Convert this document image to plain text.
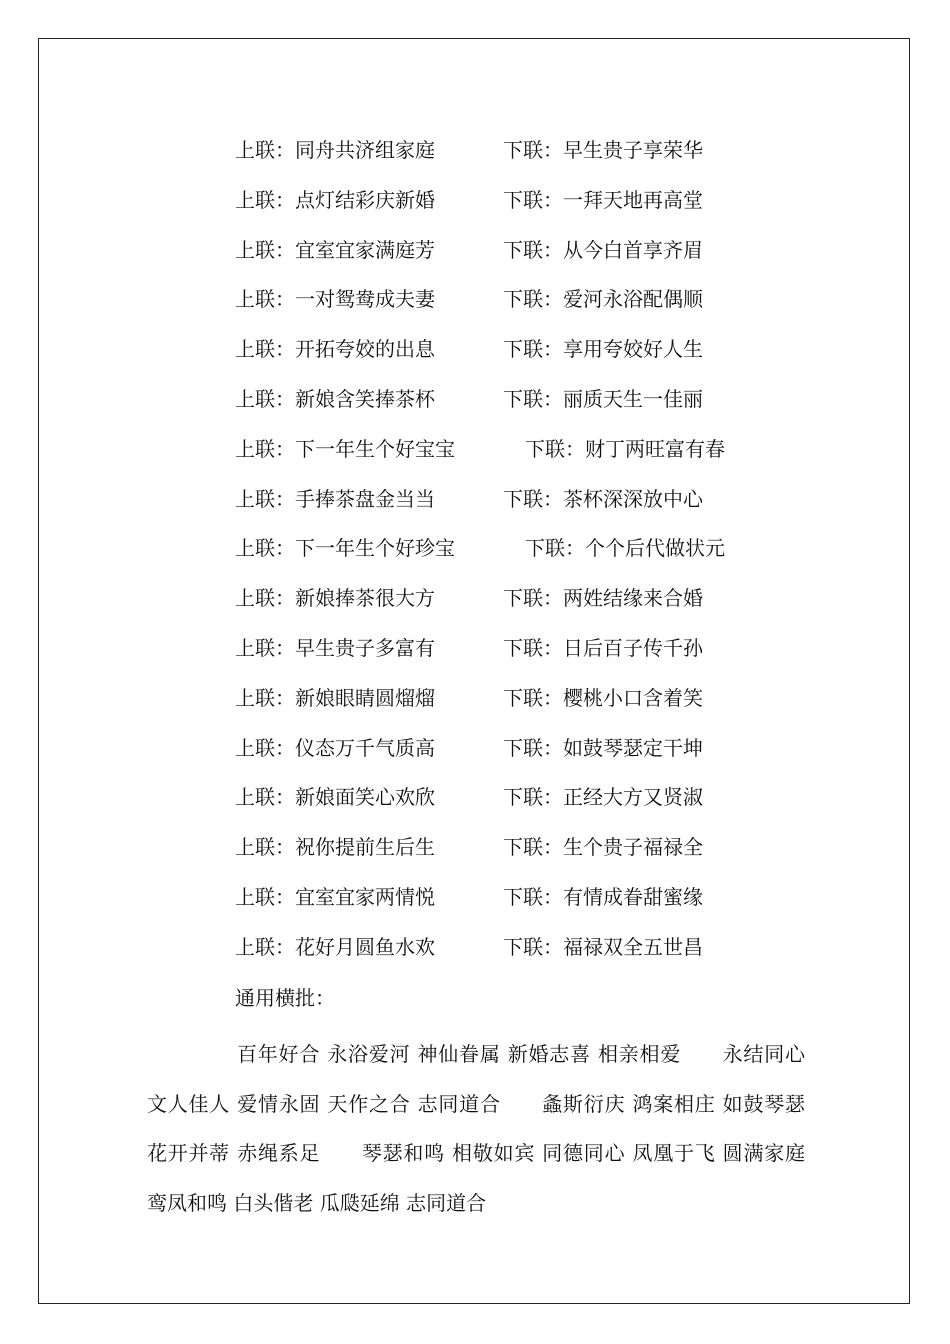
上联：同舟共济组家庭	下联：早生贵子享荣华
上联：点灯结彩庆新婚	下联：一拜天地再高堂
上联：宜室宜家满庭芳	下联：从今白首享齐眉
上联：一对鸳鸯成夫妻	下联：爱河永浴配偶顺
上联：开拓夸姣的出息	下联：享用夸姣好人生
上联：新娘含笑捧茶杯	下联：丽质天生一佳丽
上联：下一年生个好宝宝	下联：财丁两旺富有春
上联：手捧茶盘金当当	下联：茶杯深深放中心
上联：下一年生个好珍宝	下联：个个后代做状元
上联：新娘捧茶很大方	下联：两姓结缘来合婚
上联：早生贵子多富有	下联：日后百子传千孙
上联：新娘眼睛圆熘熘	下联：樱桃小口含着笑
上联：仪态万千气质高	下联：如鼓琴瑟定干坤
上联：新娘面笑心欢欣	下联：正经大方又贤淑
上联：祝你提前生后生	下联：生个贵子福禄全
上联：宜室宜家两情悦	下联：有情成眷甜蜜缘
上联：花好月圆鱼水欢	下联：福禄双全五世昌
通用横批：
百年好合 永浴爱河 神仙眷属 新婚志喜 相亲相爱　　永结同心 文人佳人 爱情永固 天作之合 志同道合　　螽斯衍庆 鸿案相庄 如鼓琴瑟 花开并蒂 赤绳系足　　琴瑟和鸣 相敬如宾 同德同心 凤凰于飞 圆满家庭　　鸾凤和鸣 白头偕老 瓜瓞延绵 志同道合
